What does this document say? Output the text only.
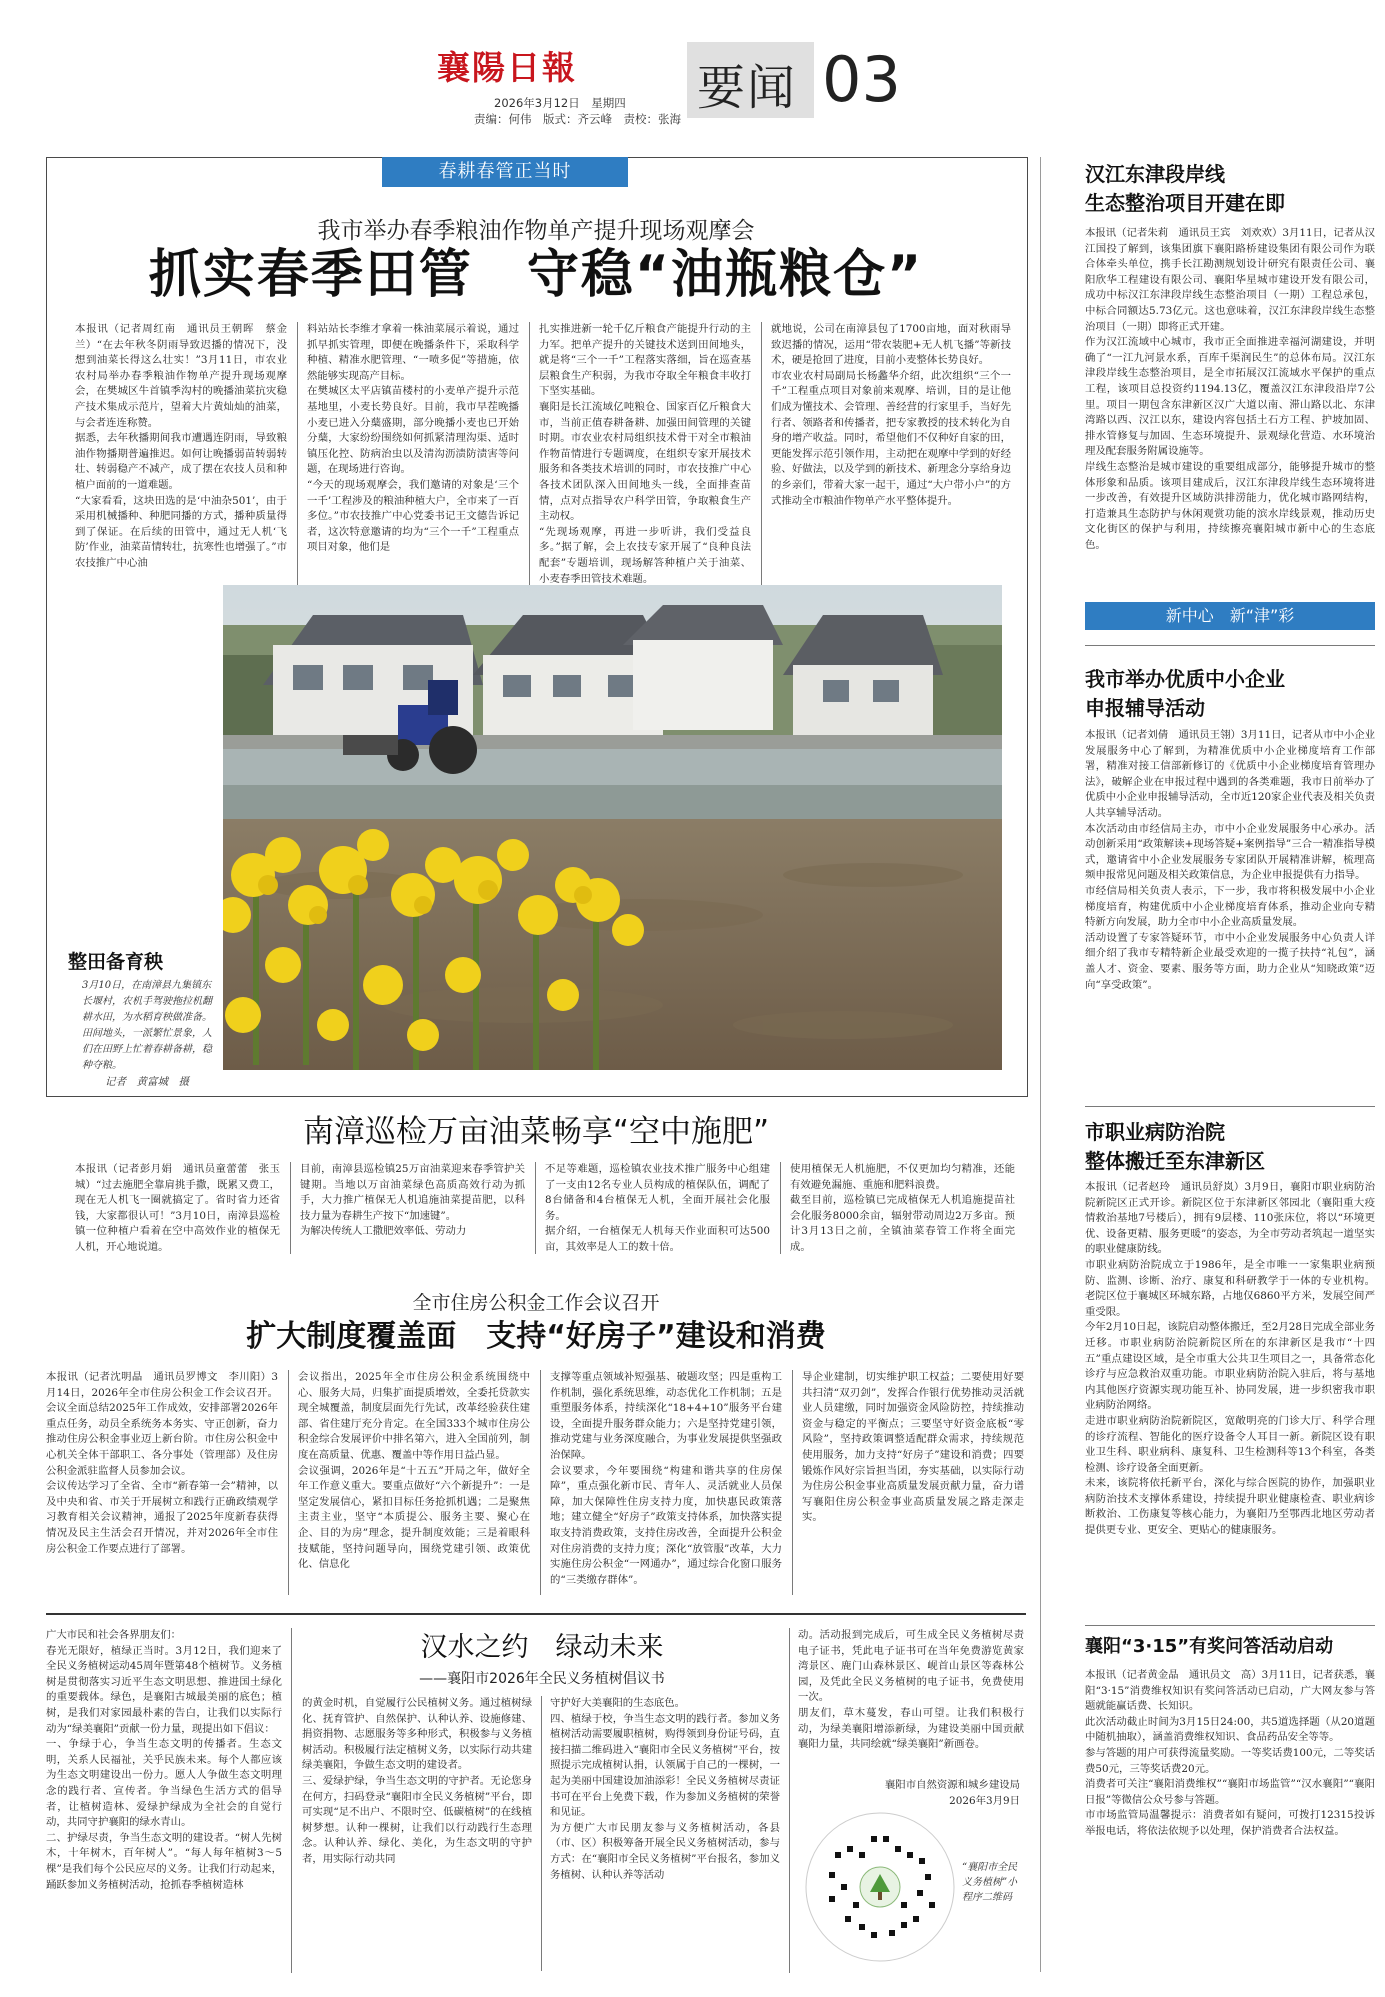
襄陽日報
2026年3月12日　星期四
责编：何伟　版式：齐云峰　责校：张海
要闻 03
春耕春管正当时
我市举办春季粮油作物单产提升现场观摩会
抓实春季田管　守稳“油瓶粮仓”
本报讯（记者周红南　通讯员王朝晖　蔡金兰）“在去年秋冬阴雨导致迟播的情况下，没想到油菜长得这么壮实！”3月11日，市农业农村局举办春季粮油作物单产提升现场观摩会，在樊城区牛首镇季沟村的晚播油菜抗灾稳产技术集成示范片，望着大片黄灿灿的油菜，与会者连连称赞。
据悉，去年秋播期间我市遭遇连阴雨，导致粮油作物播期普遍推迟。如何让晚播弱苗转弱转壮、转弱稳产不减产，成了摆在农技人员和种植户面前的一道难题。
“大家看看，这块田选的是‘中油杂501’，由于采用机械播种、种肥同播的方式，播种质量得到了保证。在后续的田管中，通过无人机‘飞防’作业，油菜苗情转壮，抗寒性也增强了。”市农技推广中心油
料站站长李维才拿着一株油菜展示着说，通过抓早抓实管理，即便在晚播条件下，采取科学种植、精准水肥管理、“一喷多促”等措施，依然能够实现高产目标。
在樊城区太平店镇苗楼村的小麦单产提升示范基地里，小麦长势良好。目前，我市早茬晚播小麦已进入分蘖盛期，部分晚播小麦也已开始分蘖，大家纷纷围绕如何抓紧清理沟渠、适时镇压化控、防病治虫以及清沟沥渍防渍害等问题，在现场进行咨询。
“今天的现场观摩会，我们邀请的对象是‘三个一千’工程涉及的粮油种植大户，全市来了一百多位。”市农技推广中心党委书记王文德告诉记者，这次特意邀请的均为“三个一千”工程重点项目对象，他们是
扎实推进新一轮千亿斤粮食产能提升行动的主力军。把单产提升的关键技术送到田间地头，就是将“三个一千”工程落实落细，旨在巡查基层粮食生产积弱，为我市夺取全年粮食丰收打下坚实基础。
襄阳是长江流域亿吨粮仓、国家百亿斤粮食大市，当前正值春耕备耕、加强田间管理的关键时期。市农业农村局组织技术骨干对全市粮油作物苗情进行专题调度，在组织专家开展技术服务和各类技术培训的同时，市农技推广中心各技术团队深入田间地头一线，全面排查苗情，点对点指导农户科学田管，争取粮食生产主动权。
“先现场观摩，再进一步听讲，我们受益良多。”据了解，会上农技专家开展了“良种良法配套”专题培训，现场解答种植户关于油菜、小麦春季田管技术难题。
就地说，公司在南漳县包了1700亩地，面对秋雨导致迟播的情况，运用“带农装肥+无人机飞播”等新技术，硬是抢回了进度，目前小麦整体长势良好。
市农业农村局副局长杨蠡华介绍，此次组织“三个一千”工程重点项目对象前来观摩、培训，目的是让他们成为懂技术、会管理、善经营的行家里手，当好先行者、领路者和传播者，把专家教授的技术转化为自身的增产收益。同时，希望他们不仅种好自家的田，更能发挥示范引领作用，主动把在观摩中学到的好经验、好做法，以及学到的新技术、新理念分享给身边的乡亲们，带着大家一起干，通过“大户带小户”的方式推动全市粮油作物单产水平整体提升。
整田备育秧
3月10日，在南漳县九集镇东长堰村，农机手驾驶拖拉机翻耕水田，为水稻育秧做准备。田间地头，一派繁忙景象，人们在田野上忙着春耕备耕，稳种夺粮。
记者　黄富城　摄
南漳巡检万亩油菜畅享“空中施肥”
本报讯（记者彭月娟　通讯员童蕾蕾　张玉城）“过去施肥全靠肩挑手撒，既累又费工，现在无人机飞一圈就搞定了。省时省力还省钱，大家都很认可！”3月10日，南漳县巡检镇一位种植户看着在空中高效作业的植保无人机，开心地说道。
目前，南漳县巡检镇25万亩油菜迎来春季管护关键期。当地以万亩油菜绿色高质高效行动为抓手，大力推广植保无人机追施油菜提苗肥，以科技力量为春耕生产按下“加速键”。
为解决传统人工撒肥效率低、劳动力
不足等难题，巡检镇农业技术推广服务中心组建了一支由12名专业人员构成的植保队伍，调配了8台储备和4台植保无人机，全面开展社会化服务。
据介绍，一台植保无人机每天作业面积可达500亩，其效率是人工的数十倍。
使用植保无人机施肥，不仅更加均匀精准，还能有效避免漏施、重施和肥料浪费。
截至目前，巡检镇已完成植保无人机追施提苗社会化服务8000余亩，辐射带动周边2万多亩。预计3月13日之前，全镇油菜春管工作将全面完成。
全市住房公积金工作会议召开
扩大制度覆盖面　支持“好房子”建设和消费
本报讯（记者沈明晶　通讯员罗博文　李川阳）3月14日，2026年全市住房公积金工作会议召开。会议全面总结2025年工作成效，安排部署2026年重点任务，动员全系统务本务实、守正创新，奋力推动住房公积金事业迈上新台阶。市住房公积金中心机关全体干部职工、各分事处（管理部）及住房公积金派驻监督人员参加会议。
会议传达学习了全省、全市“新春第一会”精神，以及中央和省、市关于开展树立和践行正确政绩观学习教育相关会议精神，通报了2025年度新春获得情况及民主生活会召开情况，并对2026年全市住房公积金工作要点进行了部署。
会议指出，2025年全市住房公积金系统围绕中心、服务大局，归集扩面提质增效，全委托贷款实现全城覆盖，制度层面先行先试，改革经验获住建部、省住建厅充分肯定。在全国333个城市住房公积金综合发展评价中排名第六，进入全国前列，制度在高质量、优惠、覆盖中等作用日益凸显。
会议强调，2026年是“十五五”开局之年，做好全年工作意义重大。要重点做好“六个新提升”：一是坚定发展信心，紧扣目标任务抢抓机遇；二是聚焦主责主业，坚守“本质提公、服务主要、聚心在企、目的为房”理念，提升制度效能；三是着眼科技赋能，坚持问题导向，围绕党建引领、政策优化、信息化
支撑等重点领域补短强基、破题攻坚；四是重构工作机制，强化系统思维，动态优化工作机制；五是重塑服务体系，持续深化“18+4+10”服务平台建设，全面提升服务群众能力；六是坚持党建引领，推动党建与业务深度融合，为事业发展提供坚强政治保障。
会议要求，今年要围绕“构建和谐共享的住房保障”，重点强化新市民、青年人、灵活就业人员保障，加大保障性住房支持力度，加快惠民政策落地；建立健全“好房子”政策支持体系，加快落实提取支持消费政策，支持住房改善，全面提升公积金对住房消费的支持力度；深化“放管服”改革，大力实施住房公积金“一网通办”，通过综合化窗口服务的“三类缴存群体”。
导企业建制，切实维护职工权益；二要使用好要共扫清“双刃剑”，发挥合作银行优势推动灵活就业人员建缴，同时加强资金风险防控，持续推动资金与稳定的平衡点；三要坚守好资金底板“零风险”，坚持政策调整适配群众需求，持续规范使用服务，加力支持“好房子”建设和消费；四要锻炼作风好宗旨担当团，夯实基础，以实际行动为住房公积金事业高质量发展贡献力量，奋力谱写襄阳住房公积金事业高质量发展之路走深走实。
广大市民和社会各界朋友们：
春光无限好，植绿正当时。3月12日，我们迎来了全民义务植树运动45周年暨第48个植树节。义务植树是贯彻落实习近平生态文明思想、推进国土绿化的重要载体。绿色，是襄阳古城最美丽的底色；植树，是我们对家园最朴素的告白，让我们以实际行动为“绿美襄阳”贡献一份力量，现提出如下倡议：
一、争绿于心，争当生态文明的传播者。生态文明，关系人民福祉，关乎民族未来。每个人都应该为生态文明建设出一份力。愿人人争做生态文明理念的践行者、宣传者。争当绿色生活方式的倡导者，让植树造林、爱绿护绿成为全社会的自觉行动，共同守护襄阳的绿水青山。
二、护绿尽责，争当生态文明的建设者。“树人先树木，十年树木，百年树人”。“每人每年植树3～5棵”是我们每个公民应尽的义务。让我们行动起来，踊跃参加义务植树活动，抢抓春季植树造林
汉水之约　绿动未来
——襄阳市2026年全民义务植树倡议书
的黄金时机，自觉履行公民植树义务。通过植树绿化、抚育管护、自然保护、认种认养、设施修建、捐资捐物、志愿服务等多种形式，积极参与义务植树活动。积极履行法定植树义务，以实际行动共建绿美襄阳，争做生态文明的建设者。
三、爱绿护绿，争当生态文明的守护者。无论您身在何方，扫码登录“襄阳市全民义务植树”平台，即可实现“足不出户、不限时空、低碳植树”的在线植树梦想。认种一棵树，让我们以行动践行生态理念。认种认养、绿化、美化，为生态文明的守护者，用实际行动共同
守护好大美襄阳的生态底色。
四、植绿于校，争当生态文明的践行者。参加义务植树活动需要履职植树，购得领到身份证号码，直接扫描二维码进入“襄阳市全民义务植树”平台，按照提示完成植树认捐，认领属于自己的一棵树，一起为美丽中国建设加油添彩！全民义务植树尽责证书可在平台上免费下载，作为参加义务植树的荣誉和见证。
为方便广大市民朋友参与义务植树活动，各县（市、区）积极筹备开展全民义务植树活动，参与方式：在“襄阳市全民义务植树”平台报名，参加义务植树、认种认养等活动
动。活动报到完成后，可生成全民义务植树尽责电子证书，凭此电子证书可在当年免费游览黄家湾景区、鹿门山森林景区、岘首山景区等森林公园，及凭此全民义务植树的电子证书，免费使用一次。
朋友们，草木蔓发，春山可望。让我们积极行动，为绿美襄阳增添新绿，为建设美丽中国贡献襄阳力量，共同绘就“绿美襄阳”新画卷。
襄阳市自然资源和城乡建设局
2026年3月9日
“襄阳市全民义务植树”小程序二维码
汉江东津段岸线
生态整治项目开建在即
本报讯（记者朱莉　通讯员王宾　刘欢欢）3月11日，记者从汉江国投了解到，该集团旗下襄阳路桥建设集团有限公司作为联合体牵头单位，携手长江勘测规划设计研究有限责任公司、襄阳欣华工程建设有限公司、襄阳华星城市建设开发有限公司，成功中标汉江东津段岸线生态整治项目（一期）工程总承包，中标合同额达5.73亿元。这也意味着，汉江东津段岸线生态整治项目（一期）即将正式开建。
作为汉江流域中心城市，我市正全面推进幸福河湖建设，并明确了“一江九河景水系，百库千渠润民生”的总体布局。汉江东津段岸线生态整治项目，是全市拓展汉江流域水平保护的重点工程，该项目总投资约1194.13亿，覆盖汉江东津段沿岸7公里。项目一期包含东津新区汉广大道以南、滞山路以北、东津湾路以西、汉江以东，建设内容包括土石方工程、护坡加固、排水管修复与加固、生态环境提升、景观绿化营造、水环境治理及配套服务附属设施等。
岸线生态整治是城市建设的重要组成部分，能够提升城市的整体形象和品质。该项目建成后，汉江东津段岸线生态环境将进一步改善，有效提升区域防洪排涝能力，优化城市路网结构，打造兼具生态防护与休闲观赏功能的滨水岸线景观，推动历史文化街区的保护与利用，持续擦亮襄阳城市新中心的生态底色。
新中心　新“津”彩
我市举办优质中小企业
申报辅导活动
本报讯（记者刘倩　通讯员王翎）3月11日，记者从市中小企业发展服务中心了解到，为精准优质中小企业梯度培育工作部署，精准对接工信部新修订的《优质中小企业梯度培育管理办法》，破解企业在申报过程中遇到的各类难题，我市日前举办了优质中小企业申报辅导活动，全市近120家企业代表及相关负责人共享辅导活动。
本次活动由市经信局主办，市中小企业发展服务中心承办。活动创新采用“政策解读+现场答疑+案例指导”三合一精准指导模式，邀请省中小企业发展服务专家团队开展精准讲解，梳理高频申报常见问题及相关政策信息，为企业申报提供有力指导。
市经信局相关负责人表示，下一步，我市将积极发展中小企业梯度培育，构建优质中小企业梯度培育体系，推动企业向专精特新方向发展，助力全市中小企业高质量发展。
活动设置了专家答疑环节，市中小企业发展服务中心负责人详细介绍了我市专精特新企业最受欢迎的一揽子扶持“礼包”，涵盖人才、资金、要素、服务等方面，助力企业从“知晓政策”迈向“享受政策”。
市职业病防治院
整体搬迁至东津新区
本报讯（记者赵玲　通讯员舒岚）3月9日，襄阳市职业病防治院新院区正式开诊。新院区位于东津新区邻园北（襄阳重大疫情救治基地7号楼后），拥有9层楼、110张床位，将以“环境更优、设备更精、服务更暖”的姿态，为全市劳动者筑起一道坚实的职业健康防线。
市职业病防治院成立于1986年，是全市唯一一家集职业病预防、监测、诊断、治疗、康复和科研教学于一体的专业机构。老院区位于襄城区环城东路，占地仅6860平方米，发展空间严重受限。
今年2月10日起，该院启动整体搬迁，至2月28日完成全部业务迁移。市职业病防治院新院区所在的东津新区是我市“十四五”重点建设区域，是全市重大公共卫生项目之一，具备常态化诊疗与应急救治双重功能。市职业病防治院入驻后，将与基地内其他医疗资源实现功能互补、协同发展，进一步织密我市职业病防治网络。
走进市职业病防治院新院区，宽敞明亮的门诊大厅、科学合理的诊疗流程、智能化的医疗设备令人耳目一新。新院区设有职业卫生科、职业病科、康复科、卫生检测科等13个科室，各类检测、诊疗设备全面更新。
未来，该院将依托新平台，深化与综合医院的协作，加强职业病防治技术支撑体系建设，持续提升职业健康检查、职业病诊断救治、工伤康复等核心能力，为襄阳乃至鄂西北地区劳动者提供更专业、更安全、更贴心的健康服务。
襄阳“3·15”有奖问答活动启动
本报讯（记者黄金晶　通讯员文　高）3月11日，记者获悉，襄阳“3·15”消费维权知识有奖问答活动已启动，广大网友参与答题就能赢话费、长知识。
此次活动截止时间为3月15日24:00，共5道选择题（从20道题中随机抽取），涵盖消费维权知识、食品药品安全等等。
参与答题的用户可获得流量奖励。一等奖话费100元，二等奖话费50元，三等奖话费20元。
消费者可关注“襄阳消费维权”“襄阳市场监管”“汉水襄阳”“襄阳日报”等微信公众号参与答题。
市市场监管局温馨提示：消费者如有疑问，可拨打12315投诉举报电话，将依法依规予以处理，保护消费者合法权益。
